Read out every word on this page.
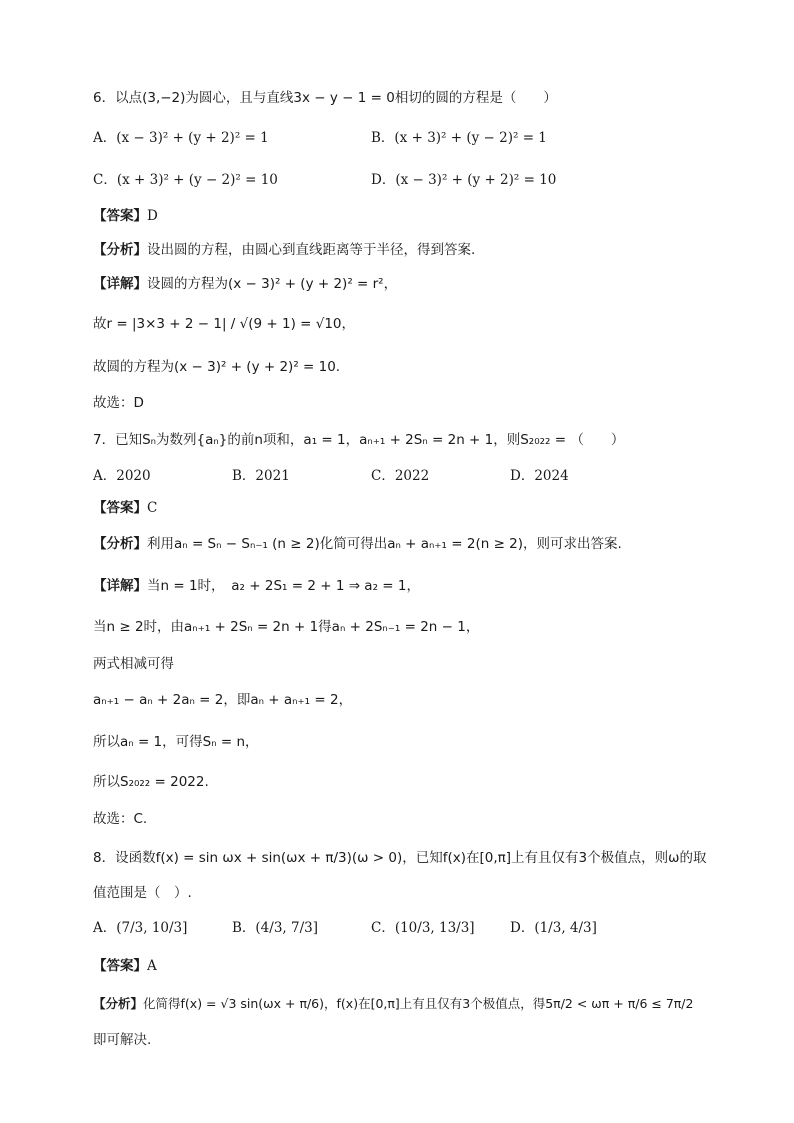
6．以点(3,−2)为圆心，且与直线3x − y − 1 = 0相切的圆的方程是（　　）
A．(x − 3)² + (y + 2)² = 1	B．(x + 3)² + (y − 2)² = 1
C．(x + 3)² + (y − 2)² = 10	D．(x − 3)² + (y + 2)² = 10
【答案】D
【分析】设出圆的方程，由圆心到直线距离等于半径，得到答案.
【详解】设圆的方程为(x − 3)² + (y + 2)² = r²，
故r = |3×3 + 2 − 1| / √(9 + 1) = √10，
故圆的方程为(x − 3)² + (y + 2)² = 10.
故选：D
7．已知Sₙ为数列{aₙ}的前n项和，a₁ = 1，aₙ₊₁ + 2Sₙ = 2n + 1，则S₂₀₂₂ = （　　）
A．2020	B．2021	C．2022	D．2024
【答案】C
【分析】利用aₙ = Sₙ − Sₙ₋₁ (n ≥ 2)化简可得出aₙ + aₙ₊₁ = 2(n ≥ 2)，则可求出答案.
【详解】当n = 1时，　a₂ + 2S₁ = 2 + 1 ⇒ a₂ = 1，
当n ≥ 2时，由aₙ₊₁ + 2Sₙ = 2n + 1得aₙ + 2Sₙ₋₁ = 2n − 1，
两式相减可得
aₙ₊₁ − aₙ + 2aₙ = 2，即aₙ + aₙ₊₁ = 2，
所以aₙ = 1，可得Sₙ = n，
所以S₂₀₂₂ = 2022.
故选：C.
8．设函数f(x) = sin ωx + sin(ωx + π/3)(ω > 0)，已知f(x)在[0,π]上有且仅有3个极值点，则ω的取
值范围是（　）.
A．(7/3, 10/3]	B．(4/3, 7/3]	C．(10/3, 13/3]	D．(1/3, 4/3]
【答案】A
【分析】化简得f(x) = √3 sin(ωx + π/6)，f(x)在[0,π]上有且仅有3个极值点，得5π/2 < ωπ + π/6 ≤ 7π/2
即可解决.
